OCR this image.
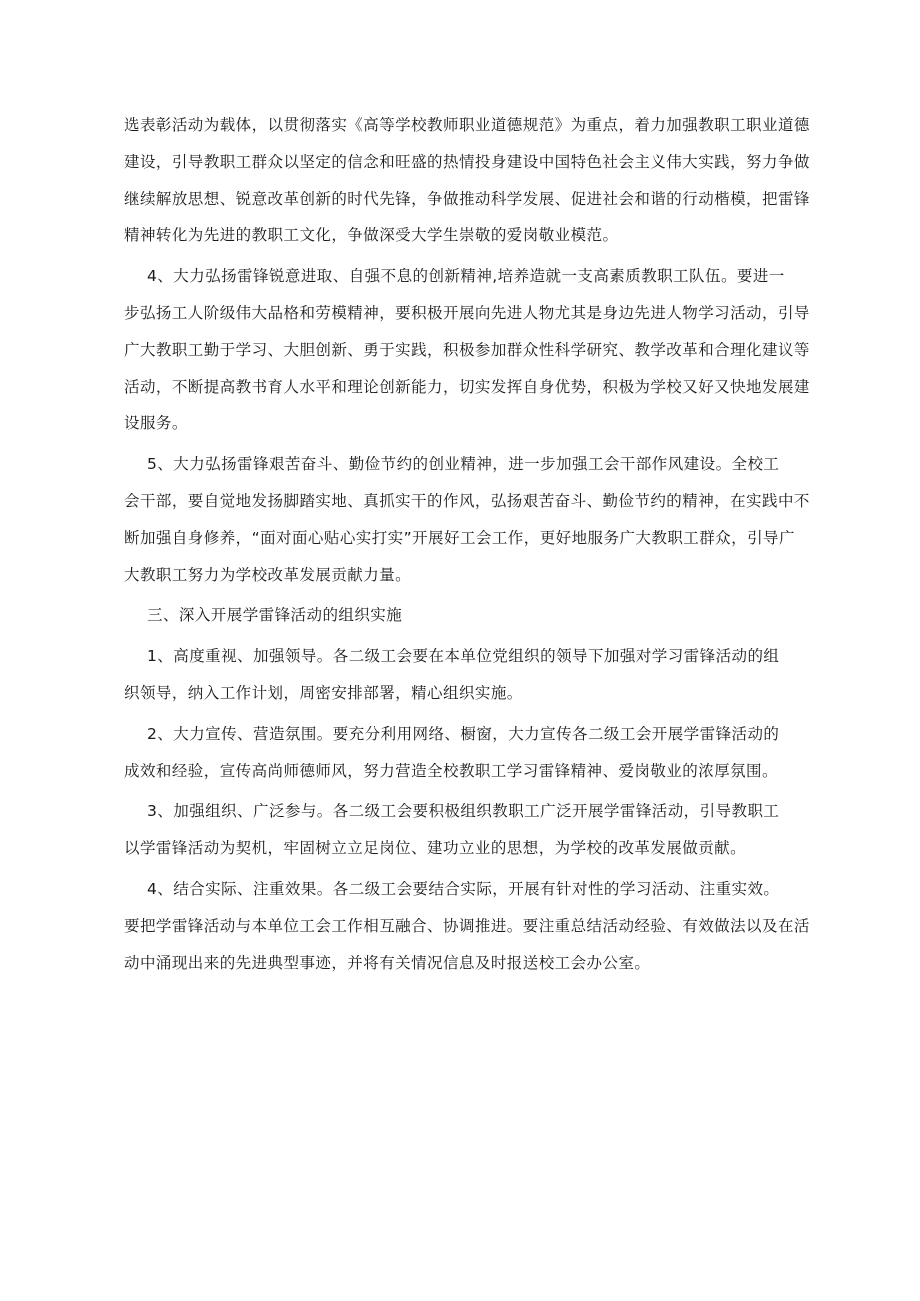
选表彰活动为载体，以贯彻落实《高等学校教师职业道德规范》为重点，着力加强教职工职业道德
建设，引导教职工群众以坚定的信念和旺盛的热情投身建设中国特色社会主义伟大实践，努力争做
继续解放思想、锐意改革创新的时代先锋，争做推动科学发展、促进社会和谐的行动楷模，把雷锋
精神转化为先进的教职工文化，争做深受大学生崇敬的爱岗敬业模范。
4、大力弘扬雷锋锐意进取、自强不息的创新精神,培养造就一支高素质教职工队伍。要进一
步弘扬工人阶级伟大品格和劳模精神，要积极开展向先进人物尤其是身边先进人物学习活动，引导
广大教职工勤于学习、大胆创新、勇于实践，积极参加群众性科学研究、教学改革和合理化建议等
活动，不断提高教书育人水平和理论创新能力，切实发挥自身优势，积极为学校又好又快地发展建
设服务。
5、大力弘扬雷锋艰苦奋斗、勤俭节约的创业精神，进一步加强工会干部作风建设。全校工
会干部，要自觉地发扬脚踏实地、真抓实干的作风，弘扬艰苦奋斗、勤俭节约的精神，在实践中不
断加强自身修养，“面对面心贴心实打实”开展好工会工作，更好地服务广大教职工群众，引导广
大教职工努力为学校改革发展贡献力量。
三、深入开展学雷锋活动的组织实施
1、高度重视、加强领导。各二级工会要在本单位党组织的领导下加强对学习雷锋活动的组
织领导，纳入工作计划，周密安排部署，精心组织实施。
2、大力宣传、营造氛围。要充分利用网络、橱窗，大力宣传各二级工会开展学雷锋活动的
成效和经验，宣传高尚师德师风，努力营造全校教职工学习雷锋精神、爱岗敬业的浓厚氛围。
3、加强组织、广泛参与。各二级工会要积极组织教职工广泛开展学雷锋活动，引导教职工
以学雷锋活动为契机，牢固树立立足岗位、建功立业的思想，为学校的改革发展做贡献。
4、结合实际、注重效果。各二级工会要结合实际，开展有针对性的学习活动、注重实效。
要把学雷锋活动与本单位工会工作相互融合、协调推进。要注重总结活动经验、有效做法以及在活
动中涌现出来的先进典型事迹，并将有关情况信息及时报送校工会办公室。
